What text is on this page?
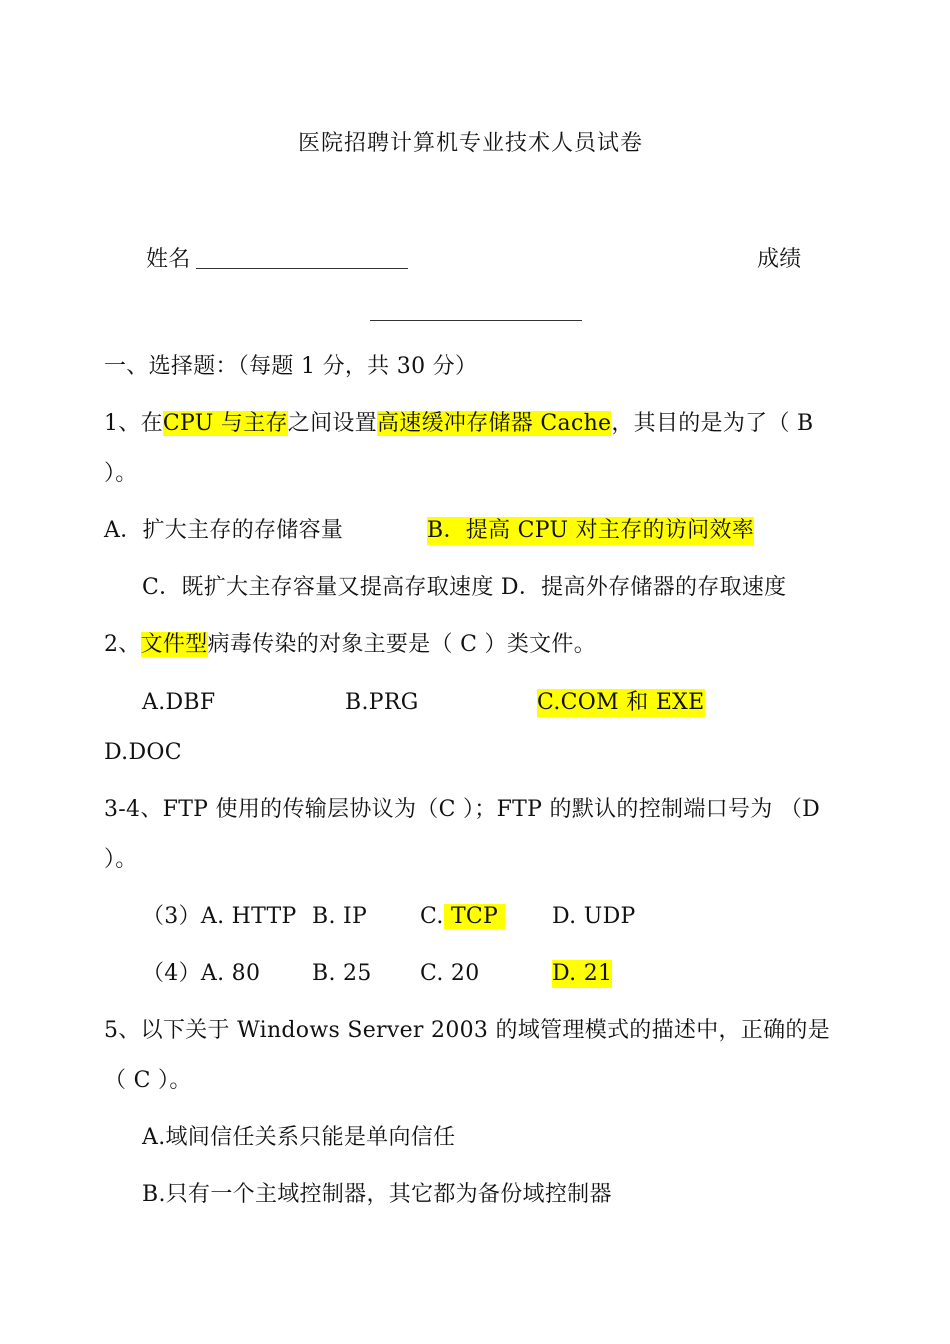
医院招聘计算机专业技术人员试卷
姓名	成绩
一、选择题：（每题 1 分，共 30 分）
1、在CPU 与主存之间设置高速缓冲存储器 Cache，其目的是为了（ B
）。
A．扩大主存的存储容量	B．提高 CPU 对主存的访问效率
C．既扩大主存容量又提高存取速度 D．提高外存储器的存取速度
2、文件型病毒传染的对象主要是（ C ）类文件。
A.DBF	B.PRG	C.COM 和 EXE
D.DOC
3-4、FTP 使用的传输层协议为（C ）；FTP 的默认的控制端口号为 （D
）。
（3）A. HTTP B. IP C. TCP D. UDP
（4）A. 80 B. 25 C. 20	D. 21
5、以下关于 Windows Server 2003 的域管理模式的描述中，正确的是
（ C ）。
A.域间信任关系只能是单向信任
B.只有一个主域控制器，其它都为备份域控制器
